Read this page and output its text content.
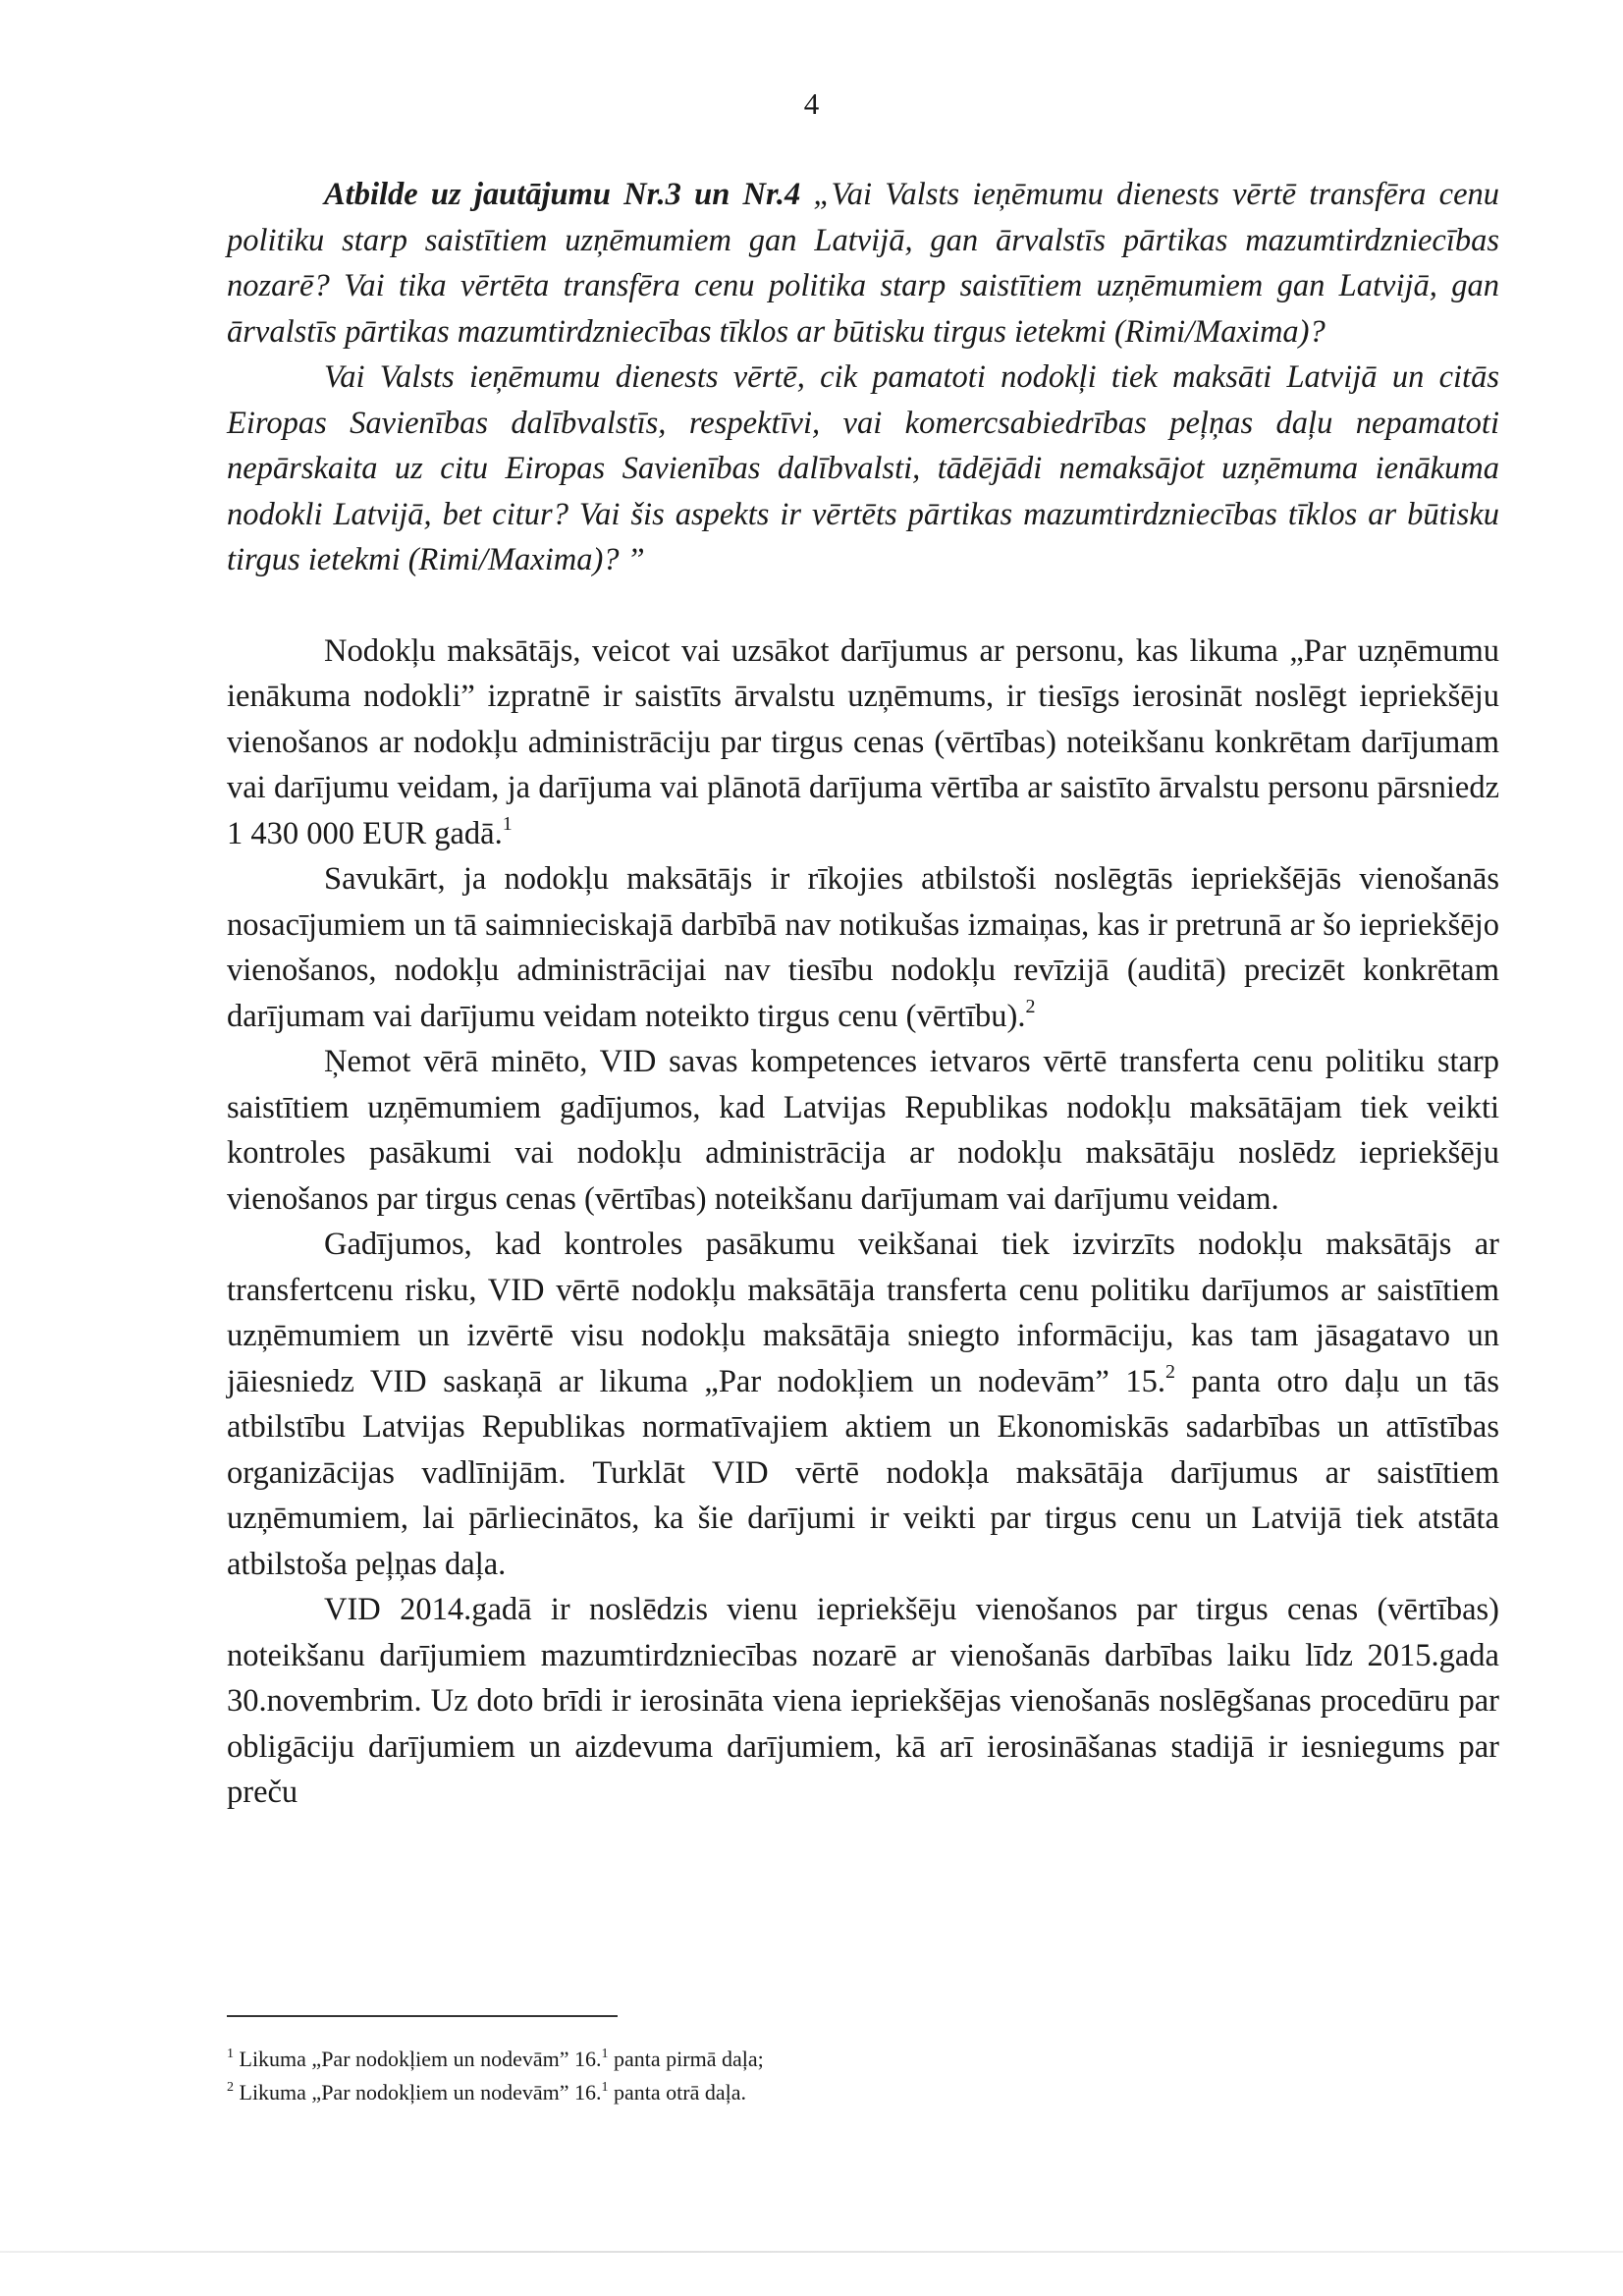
4

Atbilde uz jautājumu Nr.3 un Nr.4 „Vai Valsts ieņēmumu dienests vērtē transfēra cenu politiku starp saistītiem uzņēmumiem gan Latvijā, gan ārvalstīs pārtikas mazumtirdzniecības nozarē? Vai tika vērtēta transfēra cenu politika starp saistītiem uzņēmumiem gan Latvijā, gan ārvalstīs pārtikas mazumtirdzniecības tīklos ar būtisku tirgus ietekmi (Rimi/Maxima)?

Vai Valsts ieņēmumu dienests vērtē, cik pamatoti nodokļi tiek maksāti Latvijā un citās Eiropas Savienības dalībvalstīs, respektīvi, vai komercsabiedrības peļņas daļu nepamatoti nepārskaita uz citu Eiropas Savienības dalībvalsti, tādējādi nemaksājot uzņēmuma ienākuma nodokli Latvijā, bet citur? Vai šis aspekts ir vērtēts pārtikas mazumtirdzniecības tīklos ar būtisku tirgus ietekmi (Rimi/Maxima)? ”

Nodokļu maksātājs, veicot vai uzsākot darījumus ar personu, kas likuma „Par uzņēmumu ienākuma nodokli” izpratnē ir saistīts ārvalstu uzņēmums, ir tiesīgs ierosināt noslēgt iepriekšēju vienošanos ar nodokļu administrāciju par tirgus cenas (vērtības) noteikšanu konkrētam darījumam vai darījumu veidam, ja darījuma vai plānotā darījuma vērtība ar saistīto ārvalstu personu pārsniedz 1 430 000 EUR gadā.$^1$

Savukārt, ja nodokļu maksātājs ir rīkojies atbilstoši noslēgtās iepriekšējās vienošanās nosacījumiem un tā saimnieciskajā darbībā nav notikušas izmaiņas, kas ir pretrunā ar šo iepriekšējo vienošanos, nodokļu administrācijai nav tiesību nodokļu revīzijā (auditā) precizēt konkrētam darījumam vai darījumu veidam noteikto tirgus cenu (vērtību).$^2$

Ņemot vērā minēto, VID savas kompetences ietvaros vērtē transferta cenu politiku starp saistītiem uzņēmumiem gadījumos, kad Latvijas Republikas nodokļu maksātājam tiek veikti kontroles pasākumi vai nodokļu administrācija ar nodokļu maksātāju noslēdz iepriekšēju vienošanos par tirgus cenas (vērtības) noteikšanu darījumam vai darījumu veidam.

Gadījumos, kad kontroles pasākumu veikšanai tiek izvirzīts nodokļu maksātājs ar transfertcenu risku, VID vērtē nodokļu maksātāja transferta cenu politiku darījumos ar saistītiem uzņēmumiem un izvērtē visu nodokļu maksātāja sniegto informāciju, kas tam jāsagatavo un jāiesniedz VID saskaņā ar likuma „Par nodokļiem un nodevām” 15.$^2$ panta otro daļu un tās atbilstību Latvijas Republikas normatīvajiem aktiem un Ekonomiskās sadarbības un attīstības organizācijas vadlīnijām. Turklāt VID vērtē nodokļa maksātāja darījumus ar saistītiem uzņēmumiem, lai pārliecinātos, ka šie darījumi ir veikti par tirgus cenu un Latvijā tiek atstāta atbilstoša peļņas daļa.

VID 2014.gadā ir noslēdzis vienu iepriekšēju vienošanos par tirgus cenas (vērtības) noteikšanu darījumiem mazumtirdzniecības nozarē ar vienošanās darbības laiku līdz 2015.gada 30.novembrim. Uz doto brīdi ir ierosināta viena iepriekšējas vienošanās noslēgšanas procedūru par obligāciju darījumiem un aizdevuma darījumiem, kā arī ierosināšanas stadijā ir iesniegums par preču

$^1$ Likuma „Par nodokļiem un nodevām” 16.$^1$ panta pirmā daļa;
$^2$ Likuma „Par nodokļiem un nodevām” 16.$^1$ panta otrā daļa.
